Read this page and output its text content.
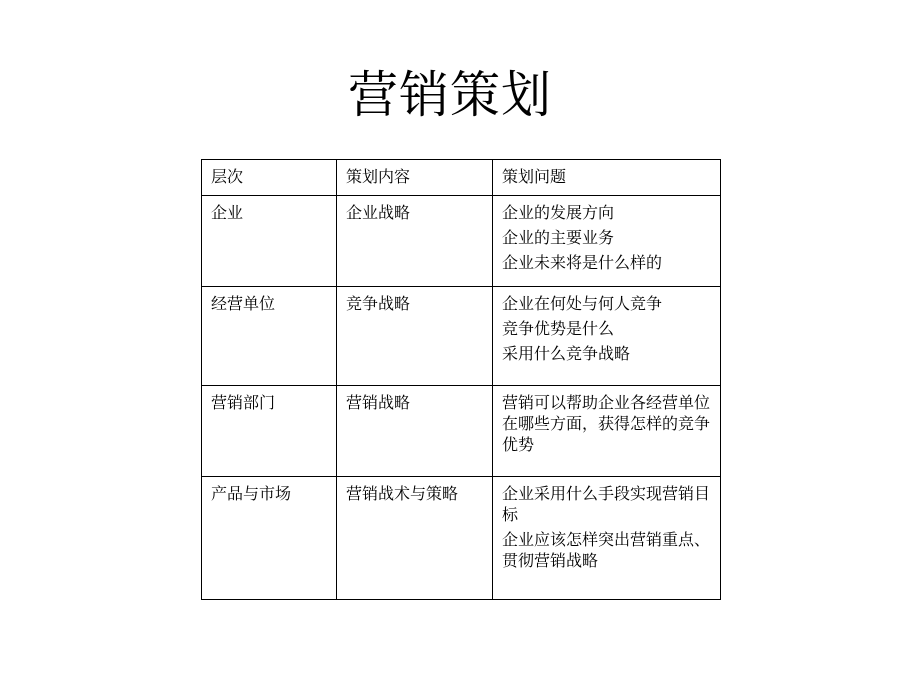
营销策划
层次	策划内容	策划问题
企业	企业战略	企业的发展方向
企业的主要业务
企业未来将是什么样的

经营单位	竞争战略	企业在何处与何人竞争
竞争优势是什么
采用什么竞争战略

营销部门	营销战略	营销可以帮助企业各经营单位在哪些方面，获得怎样的竞争优势

产品与市场	营销战术与策略	企业采用什么手段实现营销目标
企业应该怎样突出营销重点、贯彻营销战略
